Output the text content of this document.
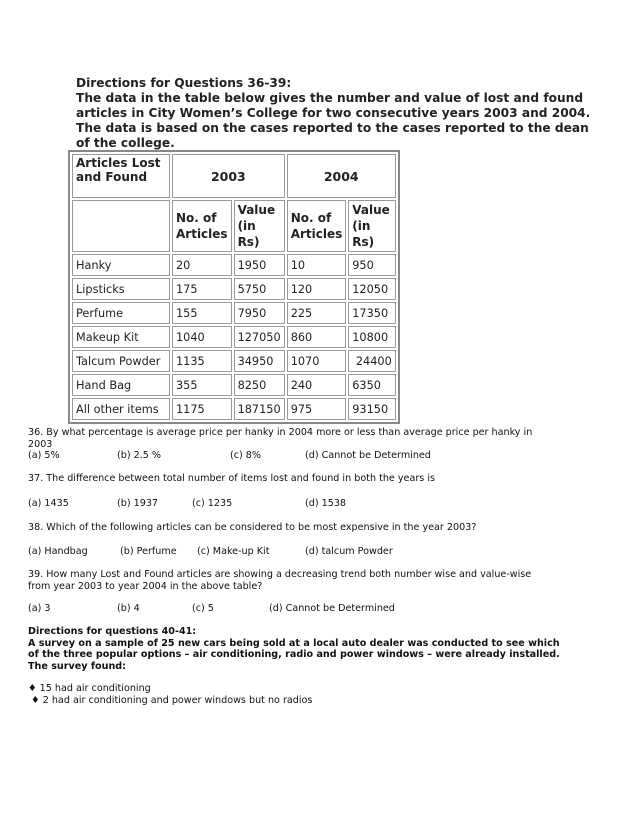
Directions for Questions 36-39:
The data in the table below gives the number and value of lost and found articles in City Women’s College for two consecutive years 2003 and 2004. The data is based on the cases reported to the cases reported to the dean of the college.
Articles Lost and Found	2003		2004	
	No. of Articles	Value (in Rs)	No. of Articles	Value (in Rs)
Hanky	20	1950	10	950
Lipsticks	175	5750	120	12050
Perfume	155	7950	225	17350
Makeup Kit	1040	127050	860	10800
Talcum Powder	1135	34950	1070	24400
Hand Bag	355	8250	240	6350
All other items	1175	187150	975	93150
36. By what percentage is average price per hanky in 2004 more or less than average price per hanky in 2003
(a) 5%	(b) 2.5 %	(c) 8%	(d) Cannot be Determined
37. The difference between total number of items lost and found in both the years is
(a) 1435	(b) 1937	(c) 1235	(d) 1538
38. Which of the following articles can be considered to be most expensive in the year 2003?
(a) Handbag	(b) Perfume (c) Make-up Kit	(d) talcum Powder
39. How many Lost and Found articles are showing a decreasing trend both number wise and value-wise from year 2003 to year 2004 in the above table?
(a) 3	(b) 4	(c) 5	(d) Cannot be Determined
Directions for questions 40-41:
A survey on a sample of 25 new cars being sold at a local auto dealer was conducted to see which of the three popular options – air conditioning, radio and power windows – were already installed. The survey found:
♦ 15 had air conditioning
♦ 2 had air conditioning and power windows but no radios
